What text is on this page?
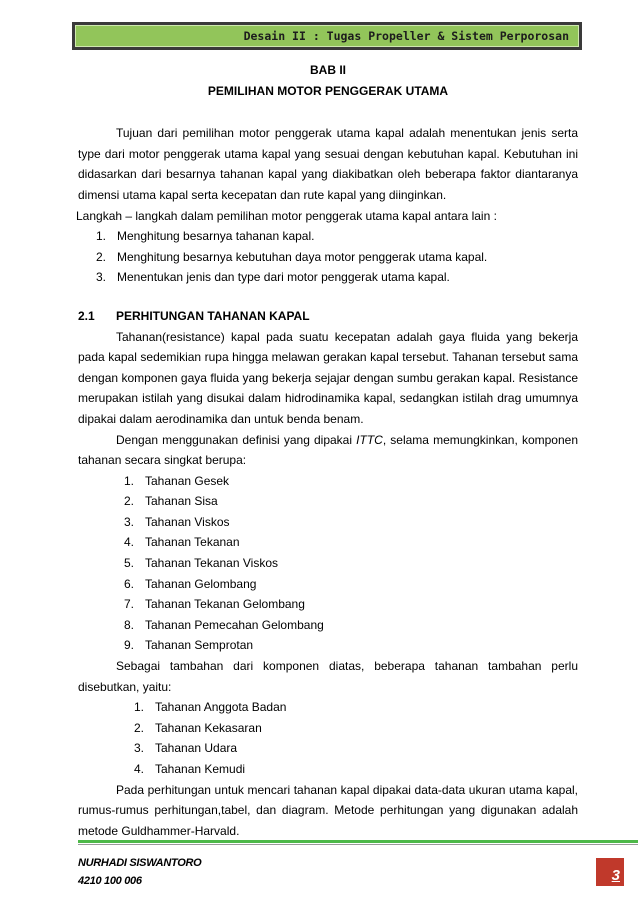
Desain II : Tugas Propeller & Sistem Perporosan
BAB II
PEMILIHAN MOTOR PENGGERAK UTAMA

Tujuan dari pemilihan motor penggerak utama kapal adalah menentukan jenis serta type dari motor penggerak utama kapal yang sesuai dengan kebutuhan kapal. Kebutuhan ini didasarkan dari besarnya tahanan kapal yang diakibatkan oleh beberapa faktor diantaranya dimensi utama kapal serta kecepatan dan rute kapal yang diinginkan.

Langkah – langkah dalam pemilihan motor penggerak utama kapal antara lain :

1. Menghitung besarnya tahanan kapal.
2. Menghitung besarnya kebutuhan daya motor penggerak utama kapal.
3. Menentukan jenis dan type dari motor penggerak utama kapal.
2.1	PERHITUNGAN TAHANAN KAPAL

Tahanan(resistance) kapal pada suatu kecepatan adalah gaya fluida yang bekerja pada kapal sedemikian rupa hingga melawan gerakan kapal tersebut. Tahanan tersebut sama dengan komponen gaya fluida yang bekerja sejajar dengan sumbu gerakan kapal. Resistance merupakan istilah yang disukai dalam hidrodinamika kapal, sedangkan istilah drag umumnya dipakai dalam aerodinamika dan untuk benda benam.

Dengan menggunakan definisi yang dipakai ITTC, selama memungkinkan, komponen tahanan secara singkat berupa:

1. Tahanan Gesek
2. Tahanan Sisa
3. Tahanan Viskos
4. Tahanan Tekanan
5. Tahanan Tekanan Viskos
6. Tahanan Gelombang
7. Tahanan Tekanan Gelombang
8. Tahanan Pemecahan Gelombang
9. Tahanan Semprotan

Sebagai tambahan dari komponen diatas, beberapa tahanan tambahan perlu disebutkan, yaitu:

1. Tahanan Anggota Badan
2. Tahanan Kekasaran
3. Tahanan Udara
4. Tahanan Kemudi

Pada perhitungan untuk mencari tahanan kapal dipakai data-data ukuran utama kapal, rumus-rumus perhitungan,tabel, dan diagram. Metode perhitungan yang digunakan adalah metode Guldhammer-Harvald.

NURHADI SISWANTORO
4210 100 006	3
